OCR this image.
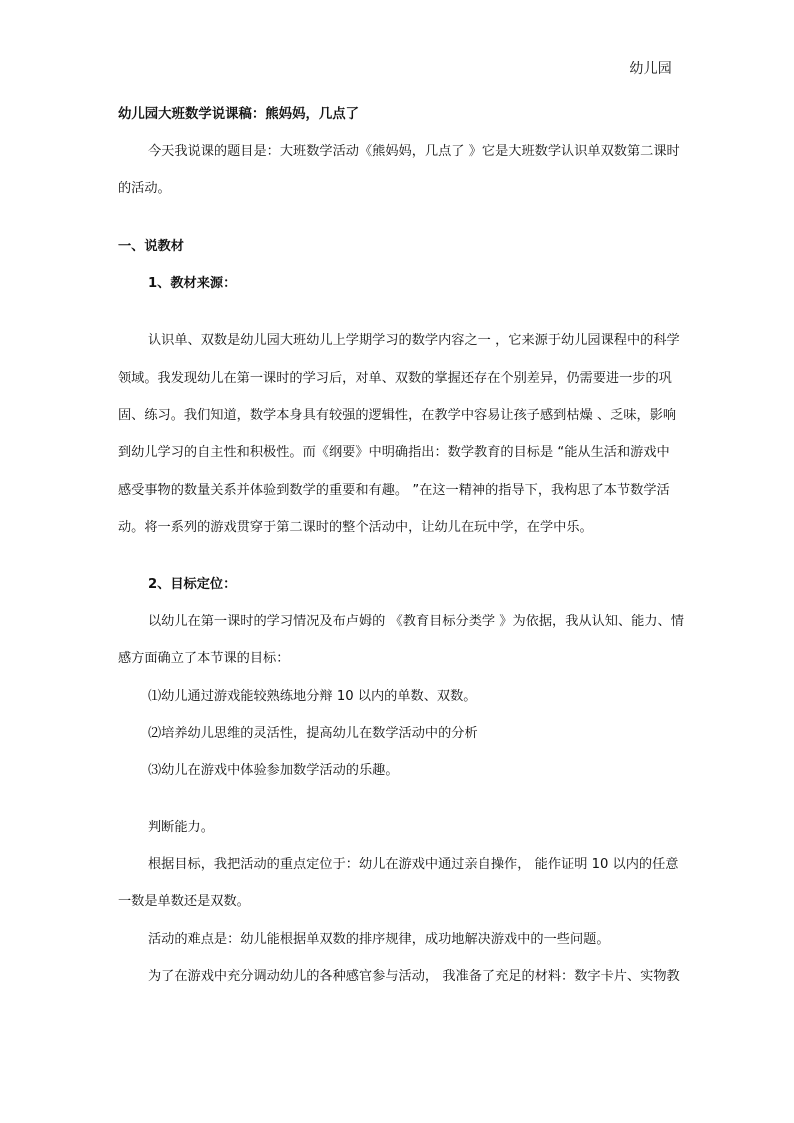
幼儿园
幼儿园大班数学说课稿：熊妈妈，几点了
今天我说课的题目是：大班数学活动《熊妈妈，几点了 》它是大班数学认识单双数第二课时
的活动。
一、说教材
1、教材来源：
认识单、双数是幼儿园大班幼儿上学期学习的数学内容之一 ，它来源于幼儿园课程中的科学
领域。我发现幼儿在第一课时的学习后，对单、双数的掌握还存在个别差异，仍需要进一步的巩
固、练习。我们知道，数学本身具有较强的逻辑性，在教学中容易让孩子感到枯燥 、乏味，影响
到幼儿学习的自主性和积极性。而《纲要》中明确指出：数学教育的目标是 “能从生活和游戏中
感受事物的数量关系并体验到数学的重要和有趣。 ”在这一精神的指导下，我构思了本节数学活
动。将一系列的游戏贯穿于第二课时的整个活动中，让幼儿在玩中学，在学中乐。
2、目标定位：
以幼儿在第一课时的学习情况及布卢姆的 《教育目标分类学 》为依据，我从认知、能力、情
感方面确立了本节课的目标：
⑴幼儿通过游戏能较熟练地分辩 10 以内的单数、双数。
⑵培养幼儿思维的灵活性，提高幼儿在数学活动中的分析
⑶幼儿在游戏中体验参加数学活动的乐趣。
判断能力。
根据目标，我把活动的重点定位于：幼儿在游戏中通过亲自操作， 能作证明 10 以内的任意
一数是单数还是双数。
活动的难点是：幼儿能根据单双数的排序规律，成功地解决游戏中的一些问题。
为了在游戏中充分调动幼儿的各种感官参与活动， 我准备了充足的材料：数字卡片、实物教
